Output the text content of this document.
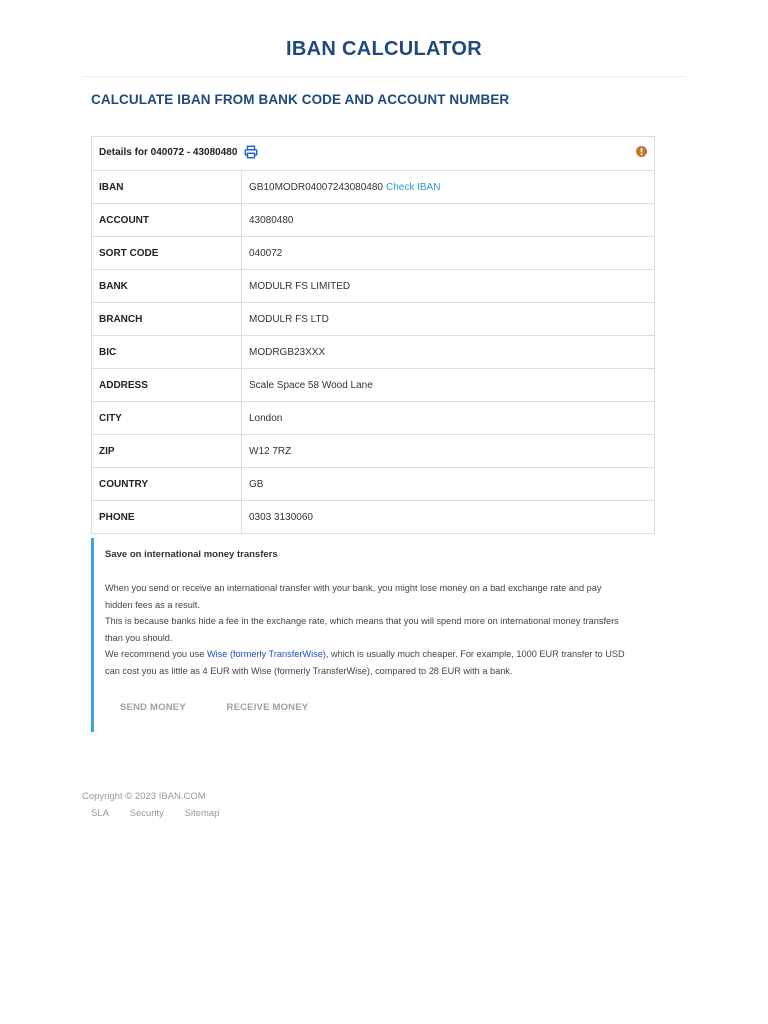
IBAN CALCULATOR
CALCULATE IBAN FROM BANK CODE AND ACCOUNT NUMBER
Details for 040072 - 43080480
IBAN	GB10MODR04007243080480 Check IBAN
ACCOUNT	43080480
SORT CODE	040072
BANK	MODULR FS LIMITED
BRANCH	MODULR FS LTD
BIC	MODRGB23XXX
ADDRESS	Scale Space 58 Wood Lane
CITY	London
ZIP	W12 7RZ
COUNTRY	GB
PHONE	0303 3130060
Save on international money transfers

When you send or receive an international transfer with your bank, you might lose money on a bad exchange rate and pay hidden fees as a result.

This is because banks hide a fee in the exchange rate, which means that you will spend more on international money transfers than you should.

We recommend you use Wise (formerly TransferWise), which is usually much cheaper. For example, 1000 EUR transfer to USD can cost you as little as 4 EUR with Wise (formerly TransferWise), compared to 28 EUR with a bank.

SEND MONEY	RECEIVE MONEY
Copyright © 2023 IBAN.COM
SLA Security Sitemap
